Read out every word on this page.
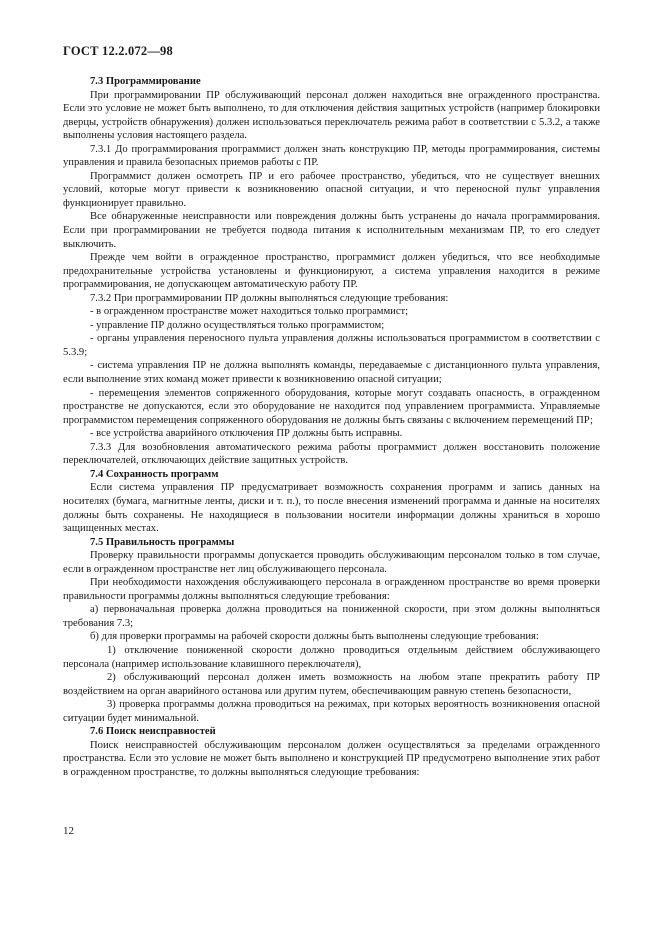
ГОСТ 12.2.072—98
7.3 Программирование

При программировании ПР обслуживающий персонал должен находиться вне огражденного пространства. Если это условие не может быть выполнено, то для отключения действия защитных устройств (например блокировки дверцы, устройств обнаружения) должен использоваться переключатель режима работ в соответствии с 5.3.2, а также выполнены условия настоящего раздела.

7.3.1 До программирования программист должен знать конструкцию ПР, методы программирования, системы управления и правила безопасных приемов работы с ПР.

Программист должен осмотреть ПР и его рабочее пространство, убедиться, что не существует внешних условий, которые могут привести к возникновению опасной ситуации, и что переносной пульт управления функционирует правильно.

Все обнаруженные неисправности или повреждения должны быть устранены до начала программирования. Если при программировании не требуется подвода питания к исполнительным механизмам ПР, то его следует выключить.

Прежде чем войти в огражденное пространство, программист должен убедиться, что все необходимые предохранительные устройства установлены и функционируют, а система управления находится в режиме программирования, не допускающем автоматическую работу ПР.

7.3.2 При программировании ПР должны выполняться следующие требования:

- в огражденном пространстве может находиться только программист;

- управление ПР должно осуществляться только программистом;

- органы управления переносного пульта управления должны использоваться программистом в соответствии с 5.3.9;

- система управления ПР не должна выполнять команды, передаваемые с дистанционного пульта управления, если выполнение этих команд может привести к возникновению опасной ситуации;

- перемещения элементов сопряженного оборудования, которые могут создавать опасность, в огражденном пространстве не допускаются, если это оборудование не находится под управлением программиста. Управляемые программистом перемещения сопряженного оборудования не должны быть связаны с включением перемещений ПР;

- все устройства аварийного отключения ПР должны быть исправны.

7.3.3 Для возобновления автоматического режима работы программист должен восстановить положение переключателей, отключающих действие защитных устройств.

7.4 Сохранность программ

Если система управления ПР предусматривает возможность сохранения программ и запись данных на носителях (бумага, магнитные ленты, диски и т. п.), то после внесения изменений программа и данные на носителях должны быть сохранены. Не находящиеся в пользовании носители информации должны храниться в хорошо защищенных местах.

7.5 Правильность программы

Проверку правильности программы допускается проводить обслуживающим персоналом только в том случае, если в огражденном пространстве нет лиц обслуживающего персонала.

При необходимости нахождения обслуживающего персонала в огражденном пространстве во время проверки правильности программы должны выполняться следующие требования:

а) первоначальная проверка должна проводиться на пониженной скорости, при этом должны выполняться требования 7.3;

б) для проверки программы на рабочей скорости должны быть выполнены следующие требования:

1) отключение пониженной скорости должно проводиться отдельным действием обслуживающего персонала (например использование клавишного переключателя),

2) обслуживающий персонал должен иметь возможность на любом этапе прекратить работу ПР воздействием на орган аварийного останова или другим путем, обеспечивающим равную степень безопасности,

3) проверка программы должна проводиться на режимах, при которых вероятность возникновения опасной ситуации будет минимальной.

7.6 Поиск неисправностей

Поиск неисправностей обслуживающим персоналом должен осуществляться за пределами огражденного пространства. Если это условие не может быть выполнено и конструкцией ПР предусмотрено выполнение этих работ в огражденном пространстве, то должны выполняться следующие требования:

12
